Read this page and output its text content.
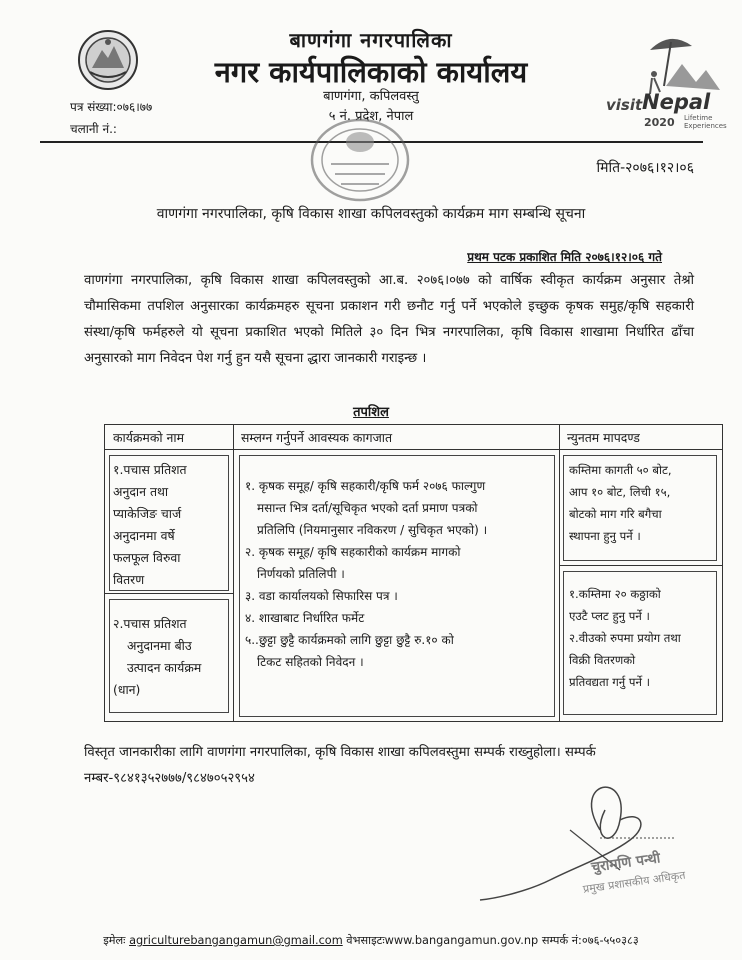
बाणगंगा नगरपालिका
नगर कार्यपालिकाको कार्यालय
बाणगंगा, कपिलवस्तु
५ नं. प्रदेश, नेपाल
पत्र संख्या:०७६।७७
चलानी नं.:
visit Nepal
2020 Lifetime
Experiences
मिति-२०७६।१२।०६
वाणगंगा नगरपालिका, कृषि विकास शाखा कपिलवस्तुको कार्यक्रम माग सम्बन्धि सूचना
प्रथम पटक प्रकाशित मिति २०७६।१२।०६ गते
वाणगंगा नगरपालिका, कृषि विकास शाखा कपिलवस्तुको आ.ब. २०७६।०७७ को वार्षिक स्वीकृत कार्यक्रम अनुसार तेश्रो चौमासिकमा तपशिल अनुसारका कार्यक्रमहरु सूचना प्रकाशन गरी छनौट गर्नु पर्ने भएकोले इच्छुक कृषक समुह/कृषि सहकारी संस्था/कृषि फर्महरुले यो सूचना प्रकाशित भएको मितिले ३० दिन भित्र नगरपालिका, कृषि विकास शाखामा निर्धारित ढाँचा अनुसारको माग निवेदन पेश गर्नु हुन यसै सूचना द्धारा जानकारी गराइन्छ ।
तपशिल
कार्यक्रमको नाम	सम्लग्न गर्नुपर्ने आवस्यक कागजात	न्युनतम मापदण्ड
१.पचास प्रतिशत
अनुदान तथा
प्याकेजिङ चार्ज
अनुदानमा वर्षे
फलफूल विरुवा
वितरण
२.पचास प्रतिशत
अनुदानमा बीउ
उत्पादन कार्यक्रम
(धान)
१. कृषक समूह/ कृषि सहकारी/कृषि फर्म २०७६ फाल्गुण
मसान्त भित्र दर्ता/सूचिकृत भएको दर्ता प्रमाण पत्रको
प्रतिलिपि (नियमानुसार नविकरण / सुचिकृत भएको) ।
२. कृषक समूह/ कृषि सहकारीको कार्यक्रम मागको
निर्णयको प्रतिलिपी ।
३. वडा कार्यालयको सिफारिस पत्र ।
४. शाखाबाट निर्धारित फर्मेट
५..छुट्टा छुट्टै कार्यक्रमको लागि छुट्टा छुट्टै रु.१० को
टिकट सहितको निवेदन ।
कम्तिमा कागती ५० बोट,
आप १० बोट, लिची १५,
बोटको माग गरि बगैचा
स्थापना हुनु पर्ने ।
१.कम्तिमा २० कठ्ठाको
एउटै प्लट हुनु पर्ने ।
२.वीउको रुपमा प्रयोग तथा
विक्री वितरणको
प्रतिवद्यता गर्नु पर्ने ।
विस्तृत जानकारीका लागि वाणगंगा नगरपालिका, कृषि विकास शाखा कपिलवस्तुमा सम्पर्क राख्नुहोला। सम्पर्क नम्बर-९८४१३५२७७७/९८४७०५२९५४
चुरामणि पन्थी
प्रमुख प्रशासकीय अधिकृत
इमेलः agriculturebangangamun@gmail.com वेभसाइटःwww.bangangamun.gov.np सम्पर्क नं:०७६-५५०३८३
